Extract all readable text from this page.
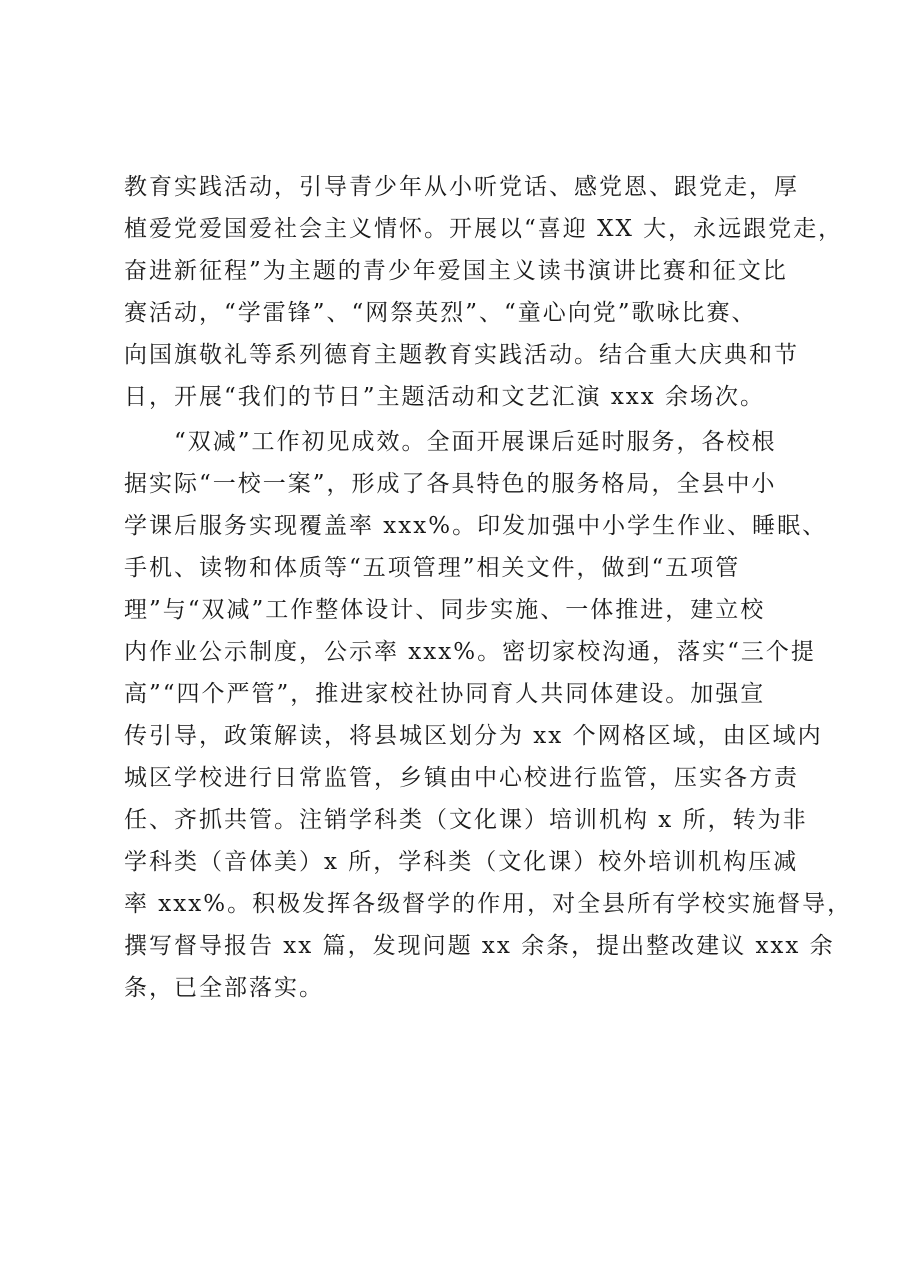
教育实践活动，引导青少年从小听党话、感党恩、跟党走，厚
植爱党爱国爱社会主义情怀。开展以“喜迎 XX 大，永远跟党走，
奋进新征程”为主题的青少年爱国主义读书演讲比赛和征文比
赛活动，“学雷锋”、“网祭英烈”、“童心向党”歌咏比赛、
向国旗敬礼等系列德育主题教育实践活动。结合重大庆典和节
日，开展“我们的节日”主题活动和文艺汇演 xxx 余场次。
　　“双减”工作初见成效。全面开展课后延时服务，各校根
据实际“一校一案”，形成了各具特色的服务格局，全县中小
学课后服务实现覆盖率 xxx%。印发加强中小学生作业、睡眠、
手机、读物和体质等“五项管理”相关文件，做到“五项管
理”与“双减”工作整体设计、同步实施、一体推进，建立校
内作业公示制度，公示率 xxx%。密切家校沟通，落实“三个提
高”“四个严管”，推进家校社协同育人共同体建设。加强宣
传引导，政策解读，将县城区划分为 xx 个网格区域，由区域内
城区学校进行日常监管，乡镇由中心校进行监管，压实各方责
任、齐抓共管。注销学科类（文化课）培训机构 x 所，转为非
学科类（音体美）x 所，学科类（文化课）校外培训机构压减
率 xxx%。积极发挥各级督学的作用，对全县所有学校实施督导，
撰写督导报告 xx 篇，发现问题 xx 余条，提出整改建议 xxx 余
条，已全部落实。
